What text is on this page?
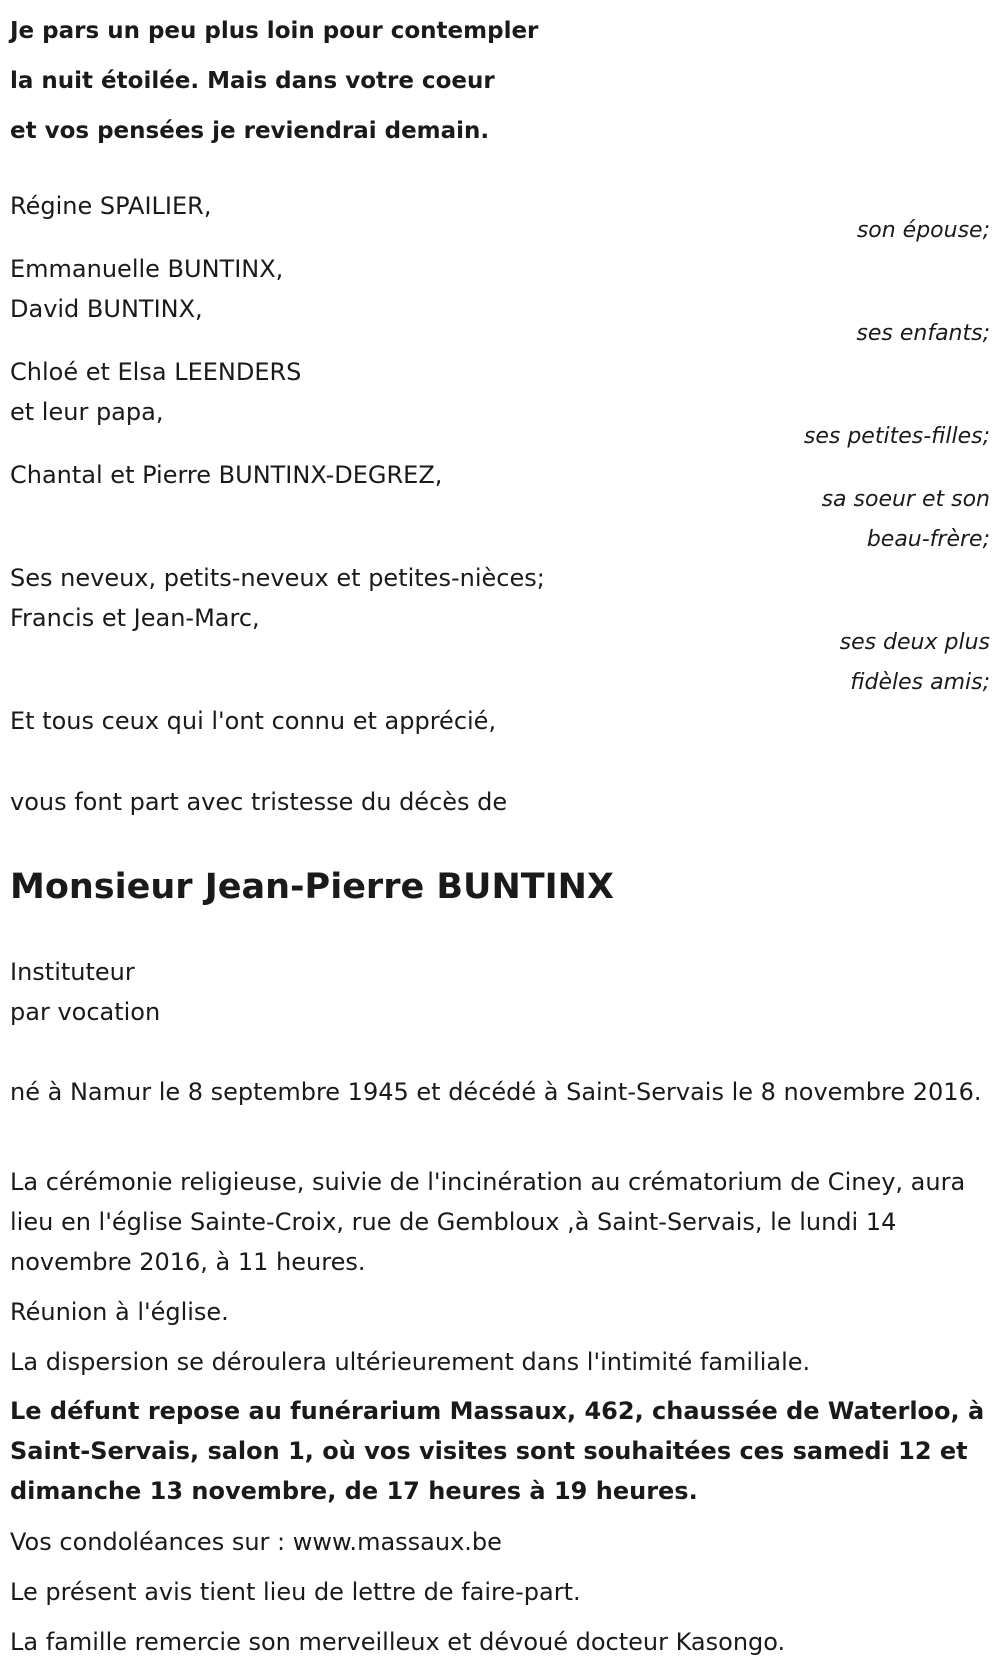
Je pars un peu plus loin pour contempler
la nuit étoilée. Mais dans votre coeur
et vos pensées je reviendrai demain.
Régine SPAILIER,
son épouse;
Emmanuelle BUNTINX,
David BUNTINX,
ses enfants;
Chloé et Elsa LEENDERS
et leur papa,
ses petites-filles;
Chantal et Pierre BUNTINX-DEGREZ,
sa soeur et son
beau-frère;
Ses neveux, petits-neveux et petites-nièces;
Francis et Jean-Marc,
ses deux plus
fidèles amis;
Et tous ceux qui l'ont connu et apprécié,
vous font part avec tristesse du décès de
Monsieur Jean-Pierre BUNTINX
Instituteur
par vocation
né à Namur le 8 septembre 1945 et décédé à Saint-Servais le 8 novembre 2016.
La cérémonie religieuse, suivie de l'incinération au crématorium de Ciney, aura lieu en l'église Sainte-Croix, rue de Gembloux ,à Saint-Servais, le lundi 14 novembre 2016, à 11 heures.
Réunion à l'église.
La dispersion se déroulera ultérieurement dans l'intimité familiale.
Le défunt repose au funérarium Massaux, 462, chaussée de Waterloo, à Saint-Servais, salon 1, où vos visites sont souhaitées ces samedi 12 et dimanche 13 novembre, de 17 heures à 19 heures.
Vos condoléances sur : www.massaux.be
Le présent avis tient lieu de lettre de faire-part.
La famille remercie son merveilleux et dévoué docteur Kasongo.
